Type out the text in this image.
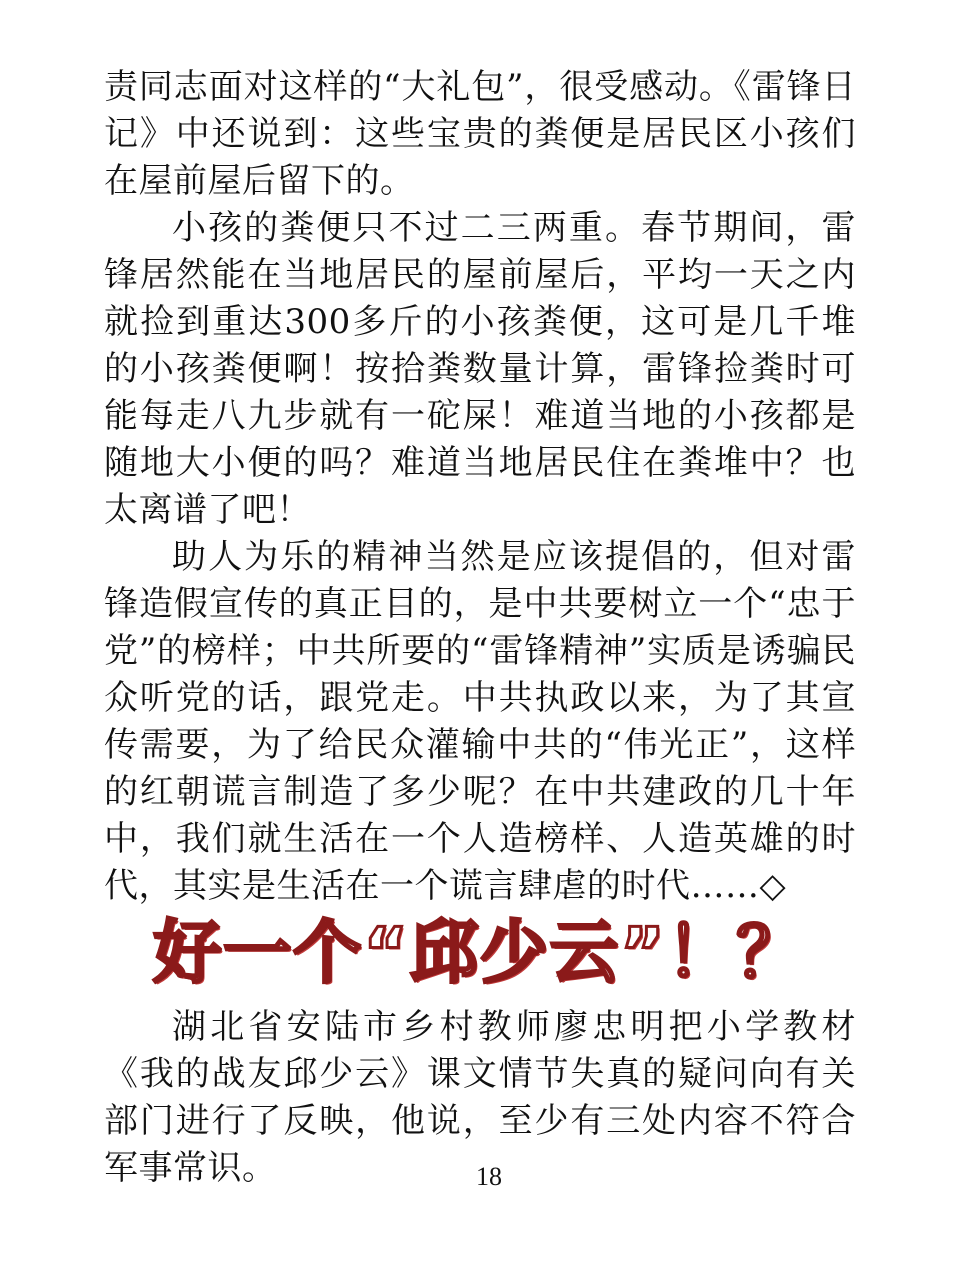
责同志面对这样的“大礼包”，很受感动。《雷锋日记》中还说到：这些宝贵的粪便是居民区小孩们在屋前屋后留下的。

小孩的粪便只不过二三两重。春节期间，雷锋居然能在当地居民的屋前屋后，平均一天之内就捡到重达300多斤的小孩粪便，这可是几千堆的小孩粪便啊！按拾粪数量计算，雷锋捡粪时可能每走八九步就有一砣屎！难道当地的小孩都是随地大小便的吗？难道当地居民住在粪堆中？也太离谱了吧！

助人为乐的精神当然是应该提倡的，但对雷锋造假宣传的真正目的，是中共要树立一个“忠于党”的榜样；中共所要的“雷锋精神”实质是诱骗民众听党的话，跟党走。中共执政以来，为了其宣传需要，为了给民众灌输中共的“伟光正”，这样的红朝谎言制造了多少呢？在中共建政的几十年中，我们就生活在一个人造榜样、人造英雄的时代，其实是生活在一个谎言肆虐的时代……◇

好一个“邱少云”！？

湖北省安陆市乡村教师廖忠明把小学教材《我的战友邱少云》课文情节失真的疑问向有关部门进行了反映，他说，至少有三处内容不符合军事常识。	18
